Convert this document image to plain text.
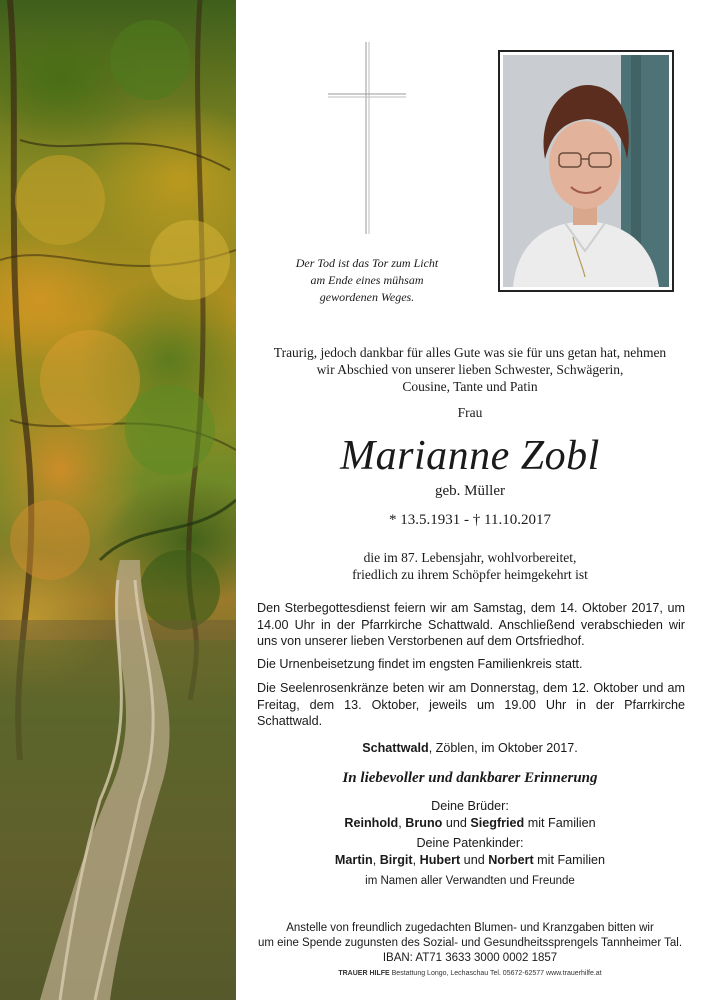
Der Tod ist das Tor zum Licht
am Ende eines mühsam
gewordenen Weges.
Traurig, jedoch dankbar für alles Gute was sie für uns getan hat, nehmen
wir Abschied von unserer lieben Schwester, Schwägerin,
Cousine, Tante und Patin
Frau
Marianne Zobl
geb. Müller
* 13.5.1931 - † 11.10.2017
die im 87. Lebensjahr, wohlvorbereitet,
friedlich zu ihrem Schöpfer heimgekehrt ist
Den Sterbegottesdienst feiern wir am Samstag, dem 14. Oktober 2017, um 14.00 Uhr in der Pfarrkirche Schattwald. Anschließend verabschieden wir uns von unserer lieben Verstorbenen auf dem Ortsfriedhof.
Die Urnenbeisetzung findet im engsten Familienkreis statt.
Die Seelenrosenkränze beten wir am Donnerstag, dem 12. Oktober und am Freitag, dem 13. Oktober, jeweils um 19.00 Uhr in der Pfarrkirche Schattwald.
Schattwald, Zöblen, im Oktober 2017.
In liebevoller und dankbarer Erinnerung
Deine Brüder:
Reinhold, Bruno und Siegfried mit Familien
Deine Patenkinder:
Martin, Birgit, Hubert und Norbert mit Familien
im Namen aller Verwandten und Freunde
Anstelle von freundlich zugedachten Blumen- und Kranzgaben bitten wir
um eine Spende zugunsten des Sozial- und Gesundheitssprengels Tannheimer Tal.
IBAN: AT71 3633 3000 0002 1857
TRAUER HILFE Bestattung Longo, Lechaschau Tel. 05672-62577 www.trauerhilfe.at
